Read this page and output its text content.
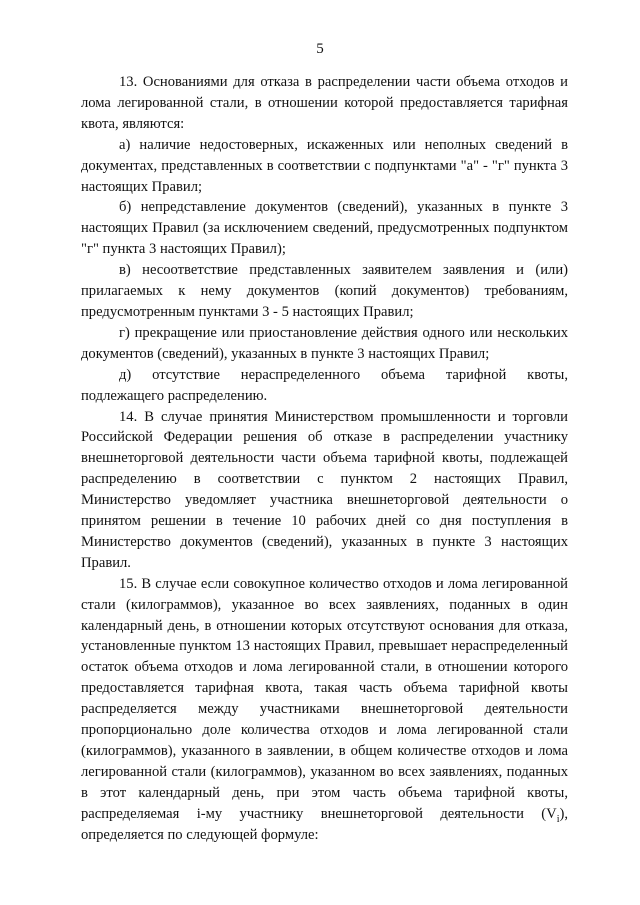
5

13. Основаниями для отказа в распределении части объема отходов и лома легированной стали, в отношении которой предоставляется тарифная квота, являются:

а) наличие недостоверных, искаженных или неполных сведений в документах, представленных в соответствии с подпунктами "а" - "г" пункта 3 настоящих Правил;

б) непредставление документов (сведений), указанных в пункте 3 настоящих Правил (за исключением сведений, предусмотренных подпунктом "г" пункта 3 настоящих Правил);

в) несоответствие представленных заявителем заявления и (или) прилагаемых к нему документов (копий документов) требованиям, предусмотренным пунктами 3 - 5 настоящих Правил;

г) прекращение или приостановление действия одного или нескольких документов (сведений), указанных в пункте 3 настоящих Правил;

д) отсутствие нераспределенного объема тарифной квоты, подлежащего распределению.

14. В случае принятия Министерством промышленности и торговли Российской Федерации решения об отказе в распределении участнику внешнеторговой деятельности части объема тарифной квоты, подлежащей распределению в соответствии с пунктом 2 настоящих Правил, Министерство уведомляет участника внешнеторговой деятельности о принятом решении в течение 10 рабочих дней со дня поступления в Министерство документов (сведений), указанных в пункте 3 настоящих Правил.

15. В случае если совокупное количество отходов и лома легированной стали (килограммов), указанное во всех заявлениях, поданных в один календарный день, в отношении которых отсутствуют основания для отказа, установленные пунктом 13 настоящих Правил, превышает нераспределенный остаток объема отходов и лома легированной стали, в отношении которого предоставляется тарифная квота, такая часть объема тарифной квоты распределяется между участниками внешнеторговой деятельности пропорционально доле количества отходов и лома легированной стали (килограммов), указанного в заявлении, в общем количестве отходов и лома легированной стали (килограммов), указанном во всех заявлениях, поданных в этот календарный день, при этом часть объема тарифной квоты, распределяемая i-му участнику внешнеторговой деятельности $(V_i)$, определяется по следующей формуле:
